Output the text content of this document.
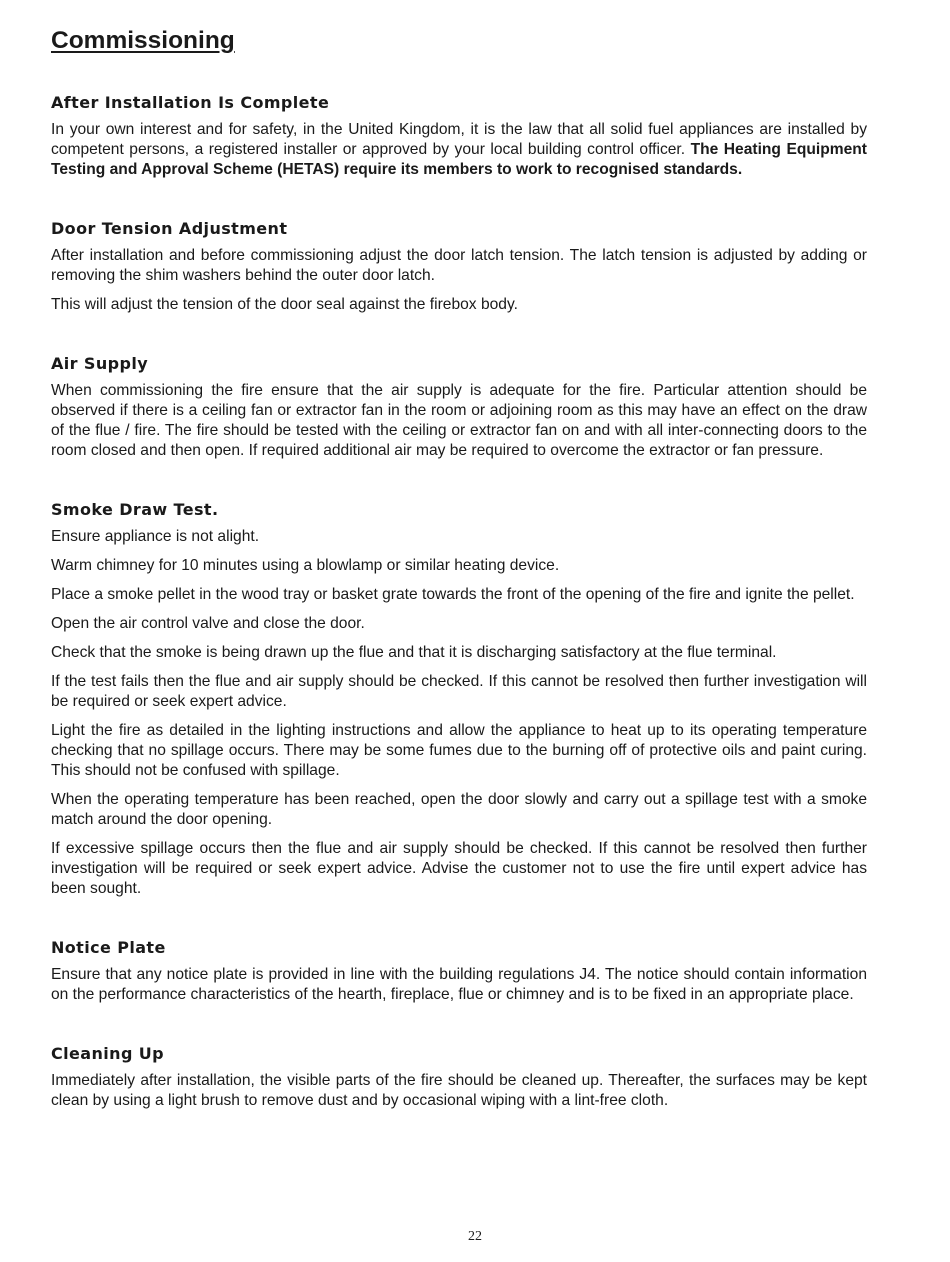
Commissioning
After Installation Is Complete

In your own interest and for safety, in the United Kingdom, it is the law that all solid fuel appliances are installed by competent persons, a registered installer or approved by your local building control officer. The Heating Equipment Testing and Approval Scheme (HETAS) require its members to work to recognised standards.

Door Tension Adjustment

After installation and before commissioning adjust the door latch tension. The latch tension is adjusted by adding or removing the shim washers behind the outer door latch.

This will adjust the tension of the door seal against the firebox body.

Air Supply

When commissioning the fire ensure that the air supply is adequate for the fire. Particular attention should be observed if there is a ceiling fan or extractor fan in the room or adjoining room as this may have an effect on the draw of the flue / fire. The fire should be tested with the ceiling or extractor fan on and with all inter-connecting doors to the room closed and then open. If required additional air may be required to overcome the extractor or fan pressure.

Smoke Draw Test.

Ensure appliance is not alight.

Warm chimney for 10 minutes using a blowlamp or similar heating device.

Place a smoke pellet in the wood tray or basket grate towards the front of the opening of the fire and ignite the pellet.

Open the air control valve and close the door.

Check that the smoke is being drawn up the flue and that it is discharging satisfactory at the flue terminal.

If the test fails then the flue and air supply should be checked. If this cannot be resolved then further investigation will be required or seek expert advice.

Light the fire as detailed in the lighting instructions and allow the appliance to heat up to its operating temperature checking that no spillage occurs. There may be some fumes due to the burning off of protective oils and paint curing. This should not be confused with spillage.

When the operating temperature has been reached, open the door slowly and carry out a spillage test with a smoke match around the door opening.

If excessive spillage occurs then the flue and air supply should be checked. If this cannot be resolved then further investigation will be required or seek expert advice. Advise the customer not to use the fire until expert advice has been sought.

Notice Plate

Ensure that any notice plate is provided in line with the building regulations J4. The notice should contain information on the performance characteristics of the hearth, fireplace, flue or chimney and is to be fixed in an appropriate place.

Cleaning Up

Immediately after installation, the visible parts of the fire should be cleaned up. Thereafter, the surfaces may be kept clean by using a light brush to remove dust and by occasional wiping with a lint-free cloth.

22
